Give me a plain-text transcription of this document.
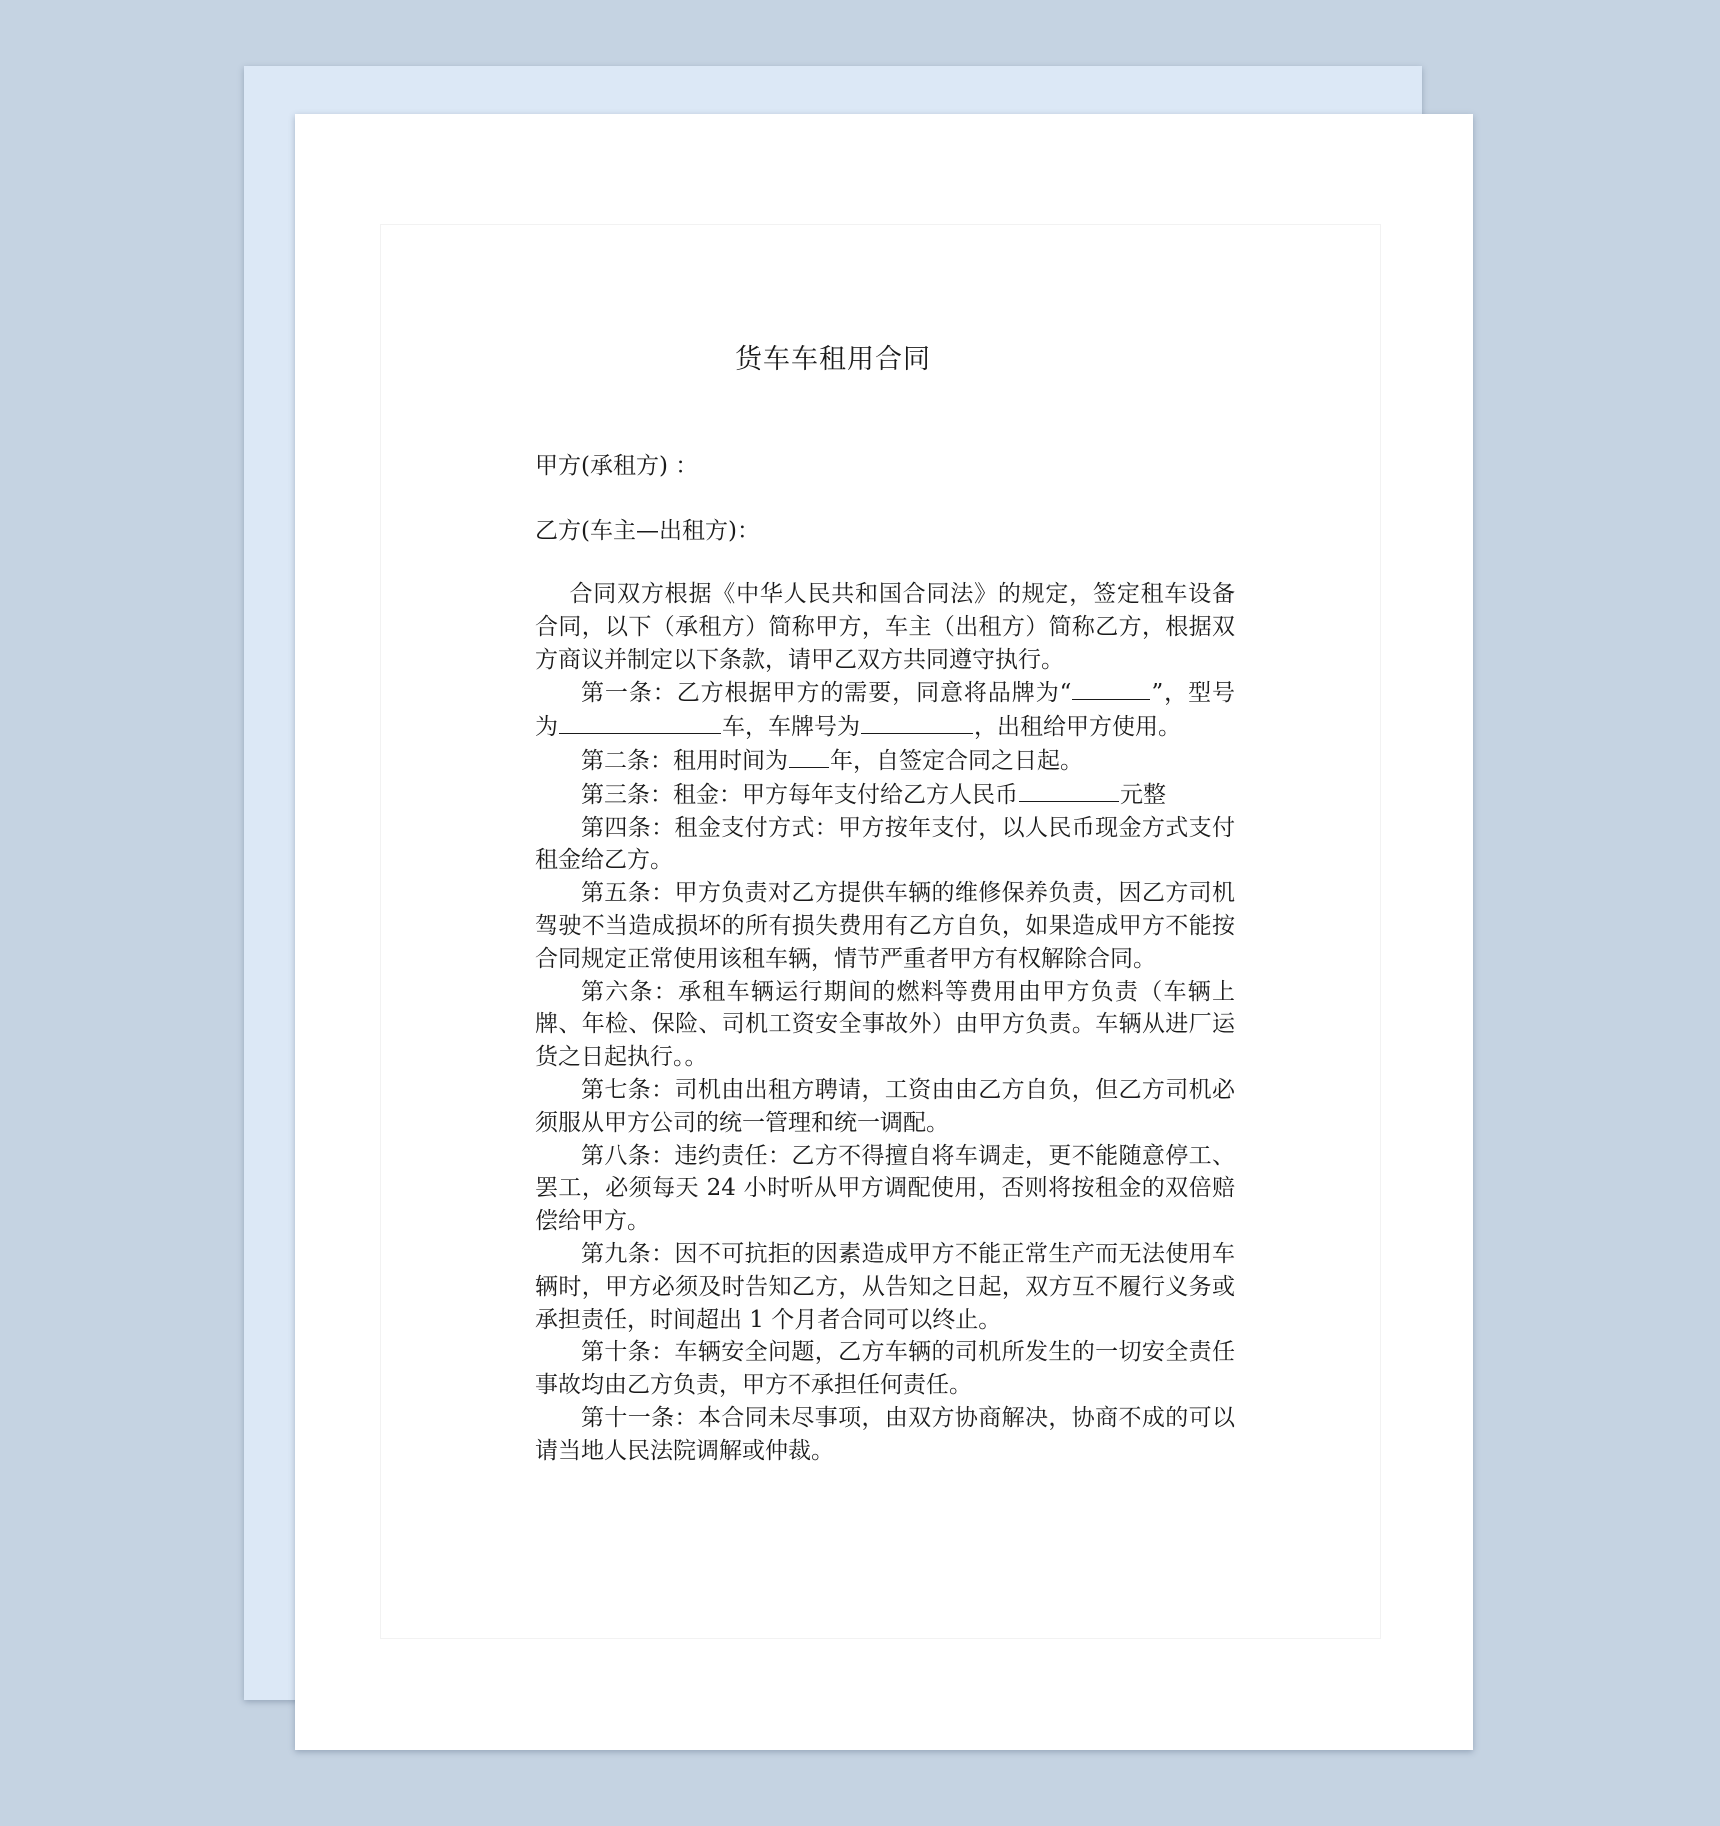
货车车租用合同
甲方(承租方) ：
乙方(车主—出租方)：

合同双方根据《中华人民共和国合同法》的规定，签定租车设备合同，以下（承租方）简称甲方，车主（出租方）简称乙方，根据双方商议并制定以下条款，请甲乙双方共同遵守执行。

第一条：乙方根据甲方的需要，同意将品牌为“	”，型号为	车，车牌号为	，出租给甲方使用。

第二条：租用时间为 年，自签定合同之日起。

第三条：租金：甲方每年支付给乙方人民币	元整

第四条：租金支付方式：甲方按年支付，以人民币现金方式支付租金给乙方。

第五条：甲方负责对乙方提供车辆的维修保养负责，因乙方司机驾驶不当造成损坏的所有损失费用有乙方自负，如果造成甲方不能按合同规定正常使用该租车辆，情节严重者甲方有权解除合同。

第六条：承租车辆运行期间的燃料等费用由甲方负责（车辆上牌、年检、保险、司机工资安全事故外）由甲方负责。车辆从进厂运货之日起执行。。

第七条：司机由出租方聘请，工资由由乙方自负，但乙方司机必须服从甲方公司的统一管理和统一调配。

第八条：违约责任：乙方不得擅自将车调走，更不能随意停工、罢工，必须每天 24 小时听从甲方调配使用，否则将按租金的双倍赔偿给甲方。

第九条：因不可抗拒的因素造成甲方不能正常生产而无法使用车辆时，甲方必须及时告知乙方，从告知之日起，双方互不履行义务或承担责任，时间超出 1 个月者合同可以终止。

第十条：车辆安全问题，乙方车辆的司机所发生的一切安全责任事故均由乙方负责，甲方不承担任何责任。

第十一条：本合同未尽事项，由双方协商解决，协商不成的可以请当地人民法院调解或仲裁。
